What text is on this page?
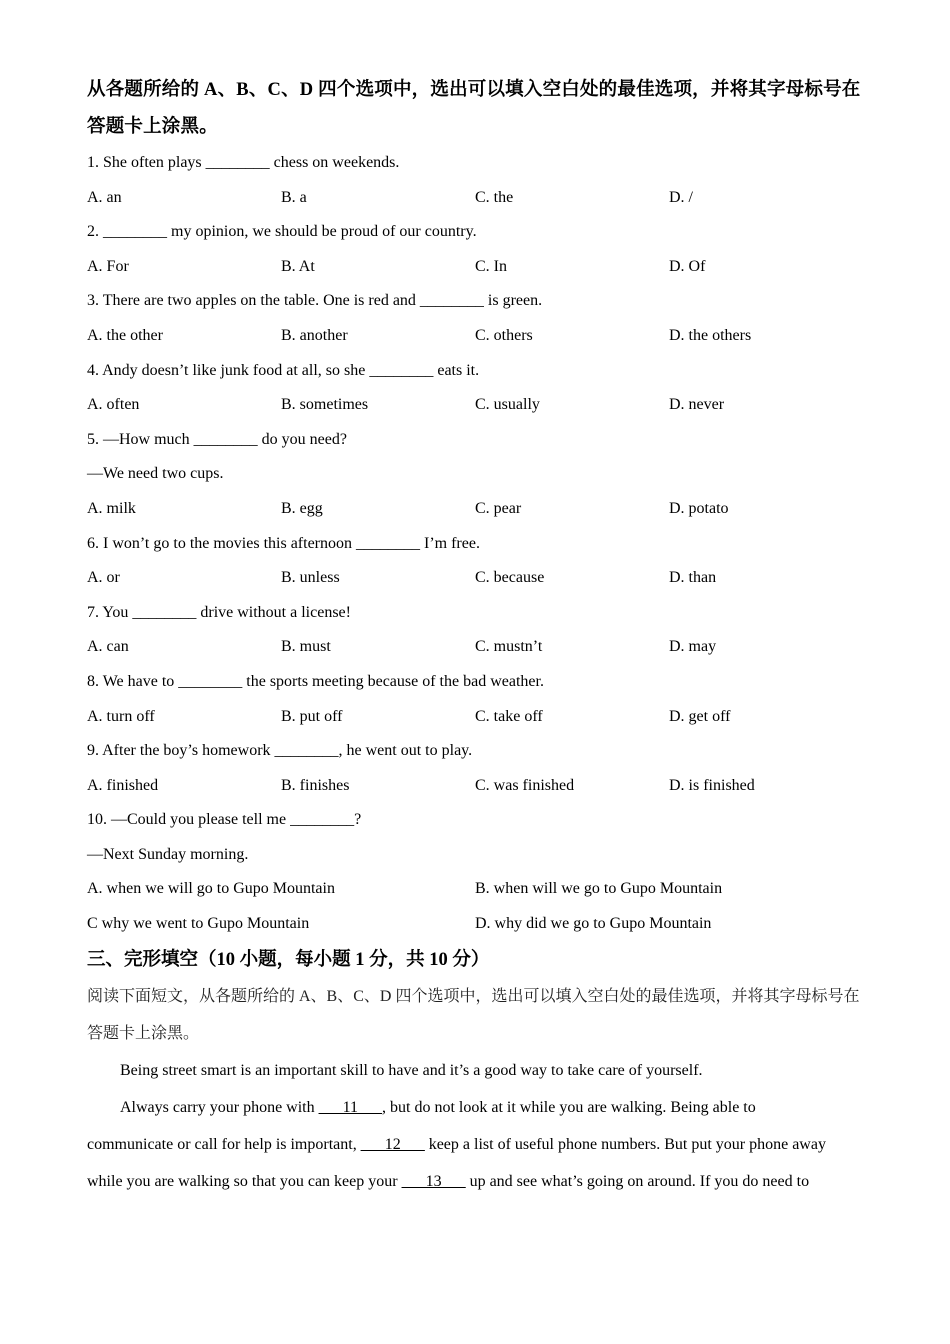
从各题所给的 A、B、C、D 四个选项中，选出可以填入空白处的最佳选项，并将其字母标号在答题卡上涂黑。
1. She often plays ________ chess on weekends.
A. an	B. a	C. the	D. /
2. ________ my opinion, we should be proud of our country.
A. For	B. At	C. In	D. Of
3. There are two apples on the table. One is red and ________ is green.
A. the other	B. another	C. others	D. the others
4. Andy doesn’t like junk food at all, so she ________ eats it.
A. often	B. sometimes	C. usually	D. never
5. —How much ________ do you need?
—We need two cups.
A. milk	B. egg	C. pear	D. potato
6. I won’t go to the movies this afternoon ________ I’m free.
A. or	B. unless	C. because	D. than
7. You ________ drive without a license!
A. can	B. must	C. mustn’t	D. may
8. We have to ________ the sports meeting because of the bad weather.
A. turn off	B. put off	C. take off	D. get off
9. After the boy’s homework ________, he went out to play.
A. finished	B. finishes	C. was finished	D. is finished
10. —Could you please tell me ________?
—Next Sunday morning.
A. when we will go to Gupo Mountain	B. when will we go to Gupo Mountain
C why we went to Gupo Mountain	D. why did we go to Gupo Mountain
三、完形填空（10 小题，每小题 1 分，共 10 分）
阅读下面短文，从各题所给的 A、B、C、D 四个选项中，选出可以填入空白处的最佳选项，并将其字母标号在答题卡上涂黑。
Being street smart is an important skill to have and it’s a good way to take care of yourself.
Always carry your phone with ___11___, but do not look at it while you are walking. Being able to
communicate or call for help is important, ___12___ keep a list of useful phone numbers. But put your phone away
while you are walking so that you can keep your ___13___ up and see what’s going on around. If you do need to
